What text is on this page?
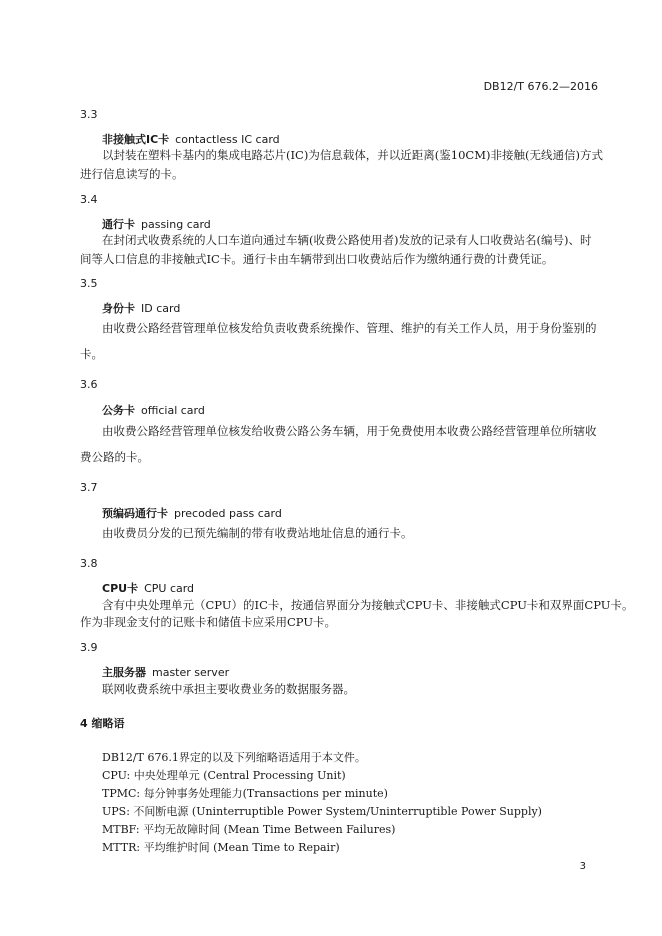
DB12/T 676.2—2016
3.3
非接触式IC卡 contactless IC card
以封装在塑料卡基内的集成电路芯片(IC)为信息载体，并以近距离(鉴10CM)非接触(无线通信)方式
进行信息读写的卡。
3.4
通行卡 passing card
在封闭式收费系统的人口车道向通过车辆(收费公路使用者)发放的记录有人口收费站名(编号)、时
间等人口信息的非接触式IC卡。通行卡由车辆带到出口收费站后作为缴纳通行费的计费凭证。
3.5
身份卡 ID card
由收费公路经营管理单位核发给负责收费系统操作、管理、维护的有关工作人员，用于身份鉴别的
卡。
3.6
公务卡 official card
由收费公路经营管理单位核发给收费公路公务车辆，用于免费使用本收费公路经营管理单位所辖收
费公路的卡。
3.7
预编码通行卡 precoded pass card
由收费员分发的已预先编制的带有收费站地址信息的通行卡。
3.8
CPU卡 CPU card
含有中央处理单元（CPU）的IC卡，按通信界面分为接触式CPU卡、非接触式CPU卡和双界面CPU卡。
作为非现金支付的记账卡和储值卡应采用CPU卡。
3.9
主服务器 master server
联网收费系统中承担主要收费业务的数据服务器。
4 缩略语
DB12/T 676.1界定的以及下列缩略语适用于本文件。
CPU: 中央处理单元 (Central Processing Unit)
TPMC: 每分钟事务处理能力(Transactions per minute)
UPS: 不间断电源 (Uninterruptible Power System/Uninterruptible Power Supply)
MTBF: 平均无故障时间 (Mean Time Between Failures)
MTTR: 平均维护时间 (Mean Time to Repair)
3
